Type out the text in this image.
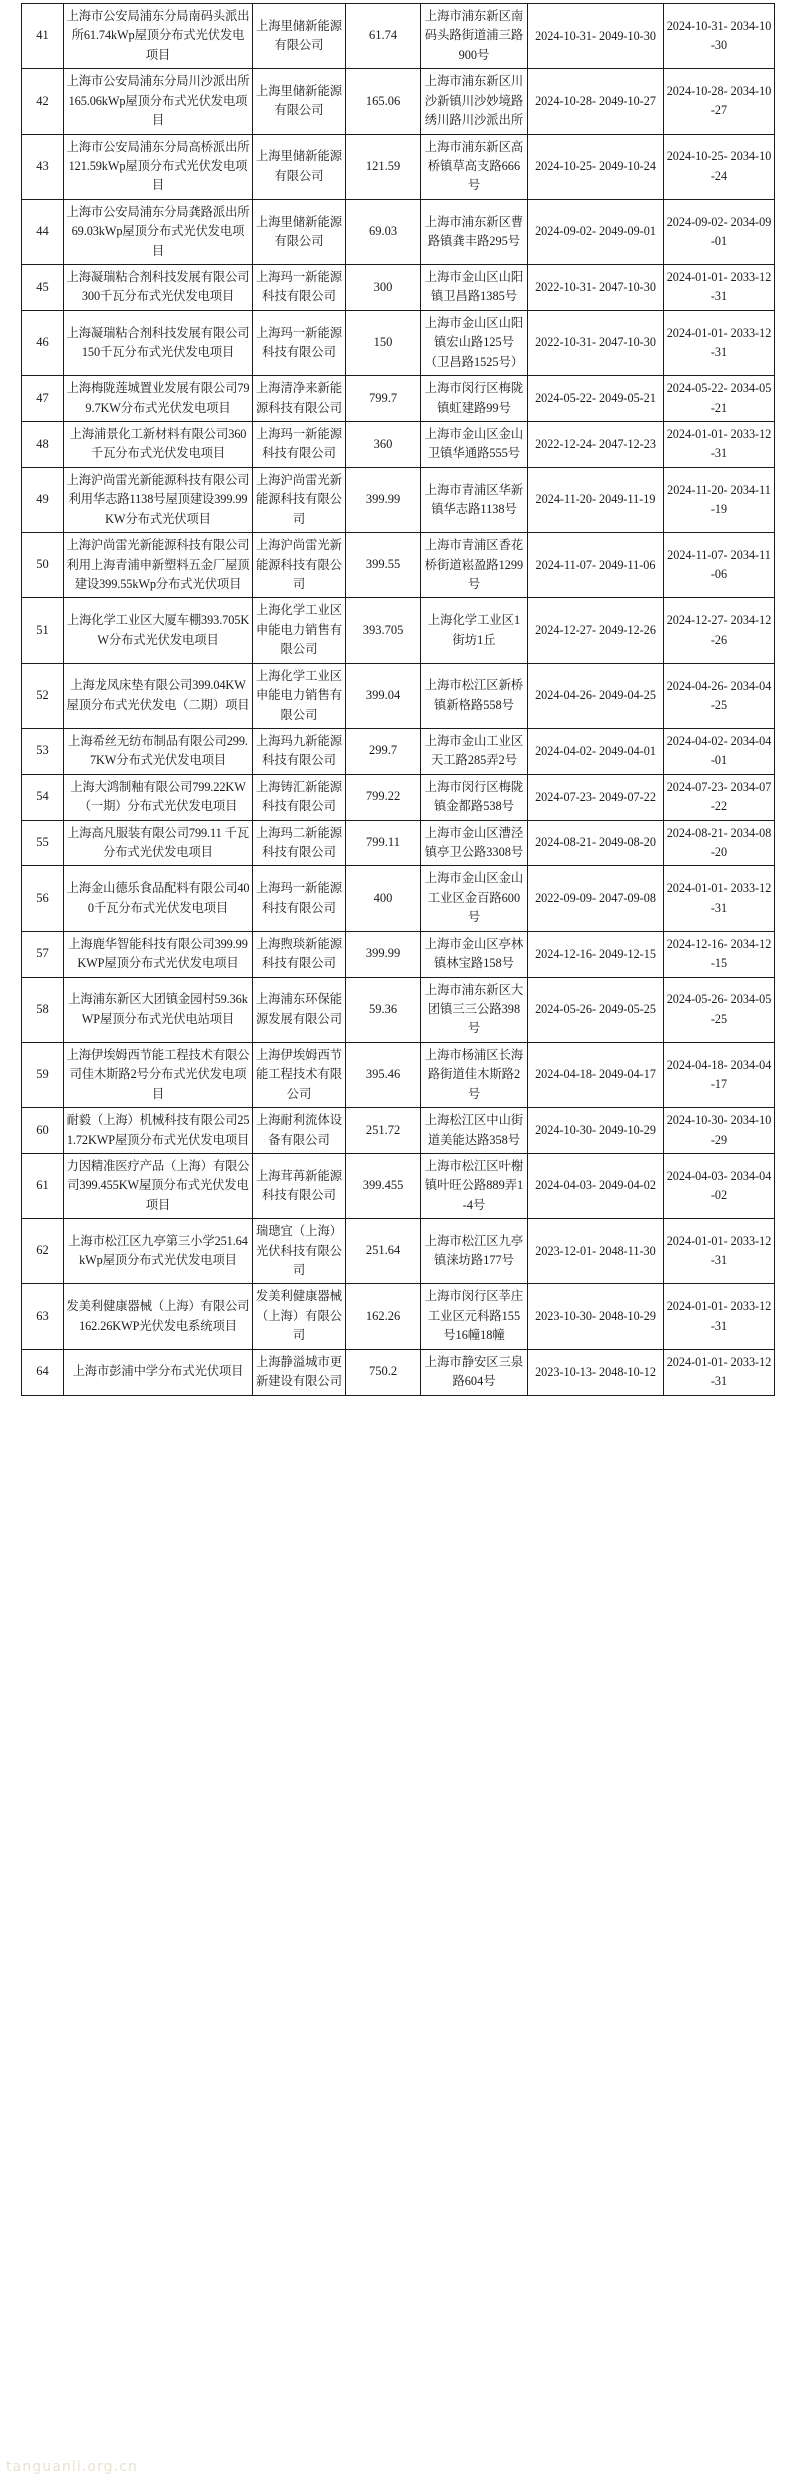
41	上海市公安局浦东分局南码头派出所61.74kWp屋顶分布式光伏发电项目	上海里储新能源有限公司	61.74	上海市浦东新区南码头路街道浦三路900号	2024-10-31- 2049-10-30	2024-10-31- 2034-10-30
42	上海市公安局浦东分局川沙派出所165.06kWp屋顶分布式光伏发电项目	上海里储新能源有限公司	165.06	上海市浦东新区川沙新镇川沙妙境路绣川路川沙派出所	2024-10-28- 2049-10-27	2024-10-28- 2034-10-27
43	上海市公安局浦东分局高桥派出所121.59kWp屋顶分布式光伏发电项目	上海里储新能源有限公司	121.59	上海市浦东新区高桥镇草高支路666号	2024-10-25- 2049-10-24	2024-10-25- 2034-10-24
44	上海市公安局浦东分局龚路派出所69.03kWp屋顶分布式光伏发电项目	上海里储新能源有限公司	69.03	上海市浦东新区曹路镇龚丰路295号	2024-09-02- 2049-09-01	2024-09-02- 2034-09-01
45	上海凝瑞粘合剂科技发展有限公司300千瓦分布式光伏发电项目	上海玛一新能源科技有限公司	300	上海市金山区山阳镇卫昌路1385号	2022-10-31- 2047-10-30	2024-01-01- 2033-12-31
46	上海凝瑞粘合剂科技发展有限公司150千瓦分布式光伏发电项目	上海玛一新能源科技有限公司	150	上海市金山区山阳镇宏山路125号（卫昌路1525号）	2022-10-31- 2047-10-30	2024-01-01- 2033-12-31
47	上海梅陇莲城置业发展有限公司799.7KW分布式光伏发电项目	上海清净来新能源科技有限公司	799.7	上海市闵行区梅陇镇虹建路99号	2024-05-22- 2049-05-21	2024-05-22- 2034-05-21
48	上海浦景化工新材料有限公司360千瓦分布式光伏发电项目	上海玛一新能源科技有限公司	360	上海市金山区金山卫镇华通路555号	2022-12-24- 2047-12-23	2024-01-01- 2033-12-31
49	上海沪尚雷光新能源科技有限公司利用华志路1138号屋顶建设399.99KW分布式光伏项目	上海沪尚雷光新能源科技有限公司	399.99	上海市青浦区华新镇华志路1138号	2024-11-20- 2049-11-19	2024-11-20- 2034-11-19
50	上海沪尚雷光新能源科技有限公司利用上海青浦申新塑料五金厂屋顶建设399.55kWp分布式光伏项目	上海沪尚雷光新能源科技有限公司	399.55	上海市青浦区香花桥街道崧盈路1299号	2024-11-07- 2049-11-06	2024-11-07- 2034-11-06
51	上海化学工业区大厦车棚393.705KW分布式光伏发电项目	上海化学工业区申能电力销售有限公司	393.705	上海化学工业区1街坊1丘	2024-12-27- 2049-12-26	2024-12-27- 2034-12-26
52	上海龙凤床垫有限公司399.04KW屋顶分布式光伏发电（二期）项目	上海化学工业区申能电力销售有限公司	399.04	上海市松江区新桥镇新格路558号	2024-04-26- 2049-04-25	2024-04-26- 2034-04-25
53	上海希丝无纺布制品有限公司299.7KW分布式光伏发电项目	上海玛九新能源科技有限公司	299.7	上海市金山工业区天工路285弄2号	2024-04-02- 2049-04-01	2024-04-02- 2034-04-01
54	上海大鸿制釉有限公司799.22KW（一期）分布式光伏发电项目	上海铸汇新能源科技有限公司	799.22	上海市闵行区梅陇镇金都路538号	2024-07-23- 2049-07-22	2024-07-23- 2034-07-22
55	上海高凡服装有限公司799.11 千瓦分布式光伏发电项目	上海玛二新能源科技有限公司	799.11	上海市金山区漕泾镇亭卫公路3308号	2024-08-21- 2049-08-20	2024-08-21- 2034-08-20
56	上海金山德乐食品配料有限公司400千瓦分布式光伏发电项目	上海玛一新能源科技有限公司	400	上海市金山区金山工业区金百路600号	2022-09-09- 2047-09-08	2024-01-01- 2033-12-31
57	上海鹿华智能科技有限公司399.99KWP屋顶分布式光伏发电项目	上海煦琰新能源科技有限公司	399.99	上海市金山区亭林镇林宝路158号	2024-12-16- 2049-12-15	2024-12-16- 2034-12-15
58	上海浦东新区大团镇金园村59.36kWP屋顶分布式光伏电站项目	上海浦东环保能源发展有限公司	59.36	上海市浦东新区大团镇三三公路398号	2024-05-26- 2049-05-25	2024-05-26- 2034-05-25
59	上海伊埃姆西节能工程技术有限公司佳木斯路2号分布式光伏发电项目	上海伊埃姆西节能工程技术有限公司	395.46	上海市杨浦区长海路街道佳木斯路2号	2024-04-18- 2049-04-17	2024-04-18- 2034-04-17
60	耐毅（上海）机械科技有限公司251.72KWP屋顶分布式光伏发电项目	上海耐利流体设备有限公司	251.72	上海松江区中山街道美能达路358号	2024-10-30- 2049-10-29	2024-10-30- 2034-10-29
61	力因精准医疗产品（上海）有限公司399.455KW屋顶分布式光伏发电项目	上海茸苒新能源科技有限公司	399.455	上海市松江区叶榭镇叶旺公路889弄1-4号	2024-04-03- 2049-04-02	2024-04-03- 2034-04-02
62	上海市松江区九亭第三小学251.64kWp屋顶分布式光伏发电项目	瑞璁宜（上海）光伏科技有限公司	251.64	上海市松江区九亭镇涞坊路177号	2023-12-01- 2048-11-30	2024-01-01- 2033-12-31
63	发美利健康器械（上海）有限公司162.26KWP光伏发电系统项目	发美利健康器械（上海）有限公司	162.26	上海市闵行区莘庄工业区元科路155号16幢18幢	2023-10-30- 2048-10-29	2024-01-01- 2033-12-31
64	上海市彭浦中学分布式光伏项目	上海静溢城市更新建设有限公司	750.2	上海市静安区三泉路604号	2023-10-13- 2048-10-12	2024-01-01- 2033-12-31
tanguanli.org.cn
